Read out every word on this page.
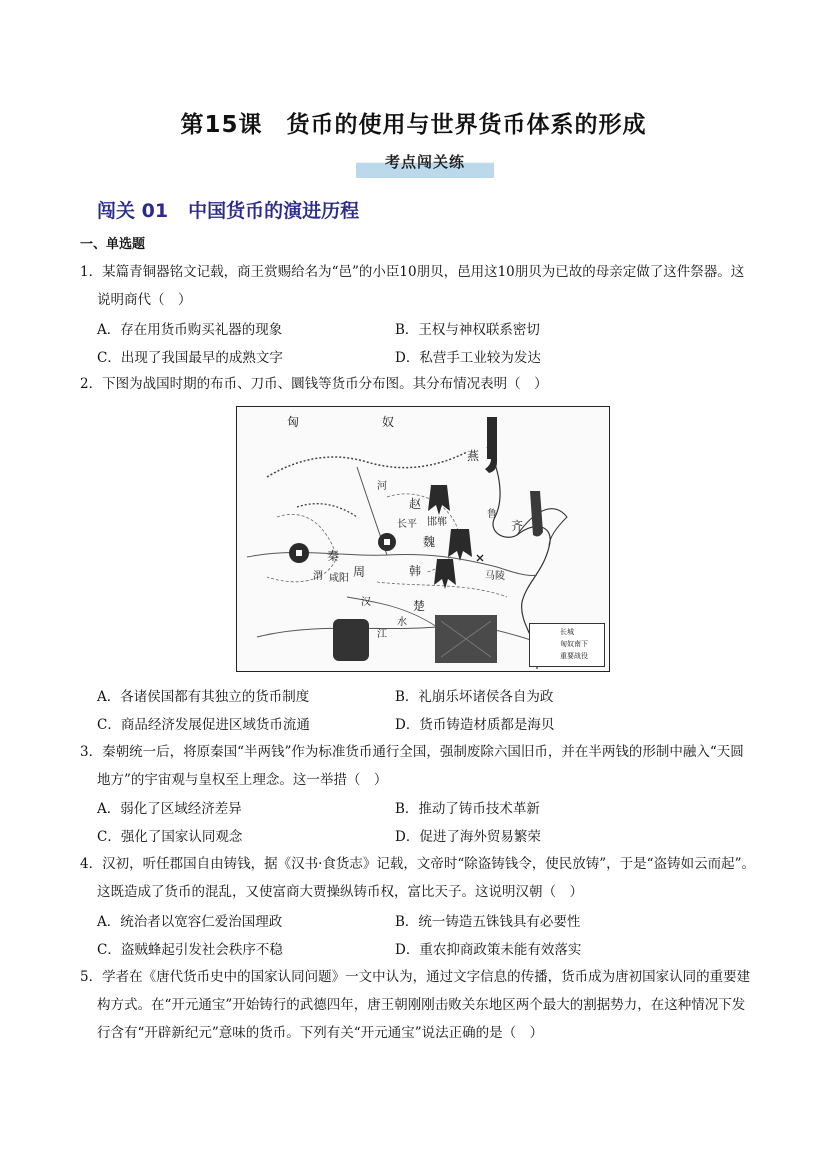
第15课　货币的使用与世界货币体系的形成
考点闯关练
闯关 01 中国货币的演进历程
一、单选题
1．某篇青铜器铭文记载，商王赏赐给名为“邑”的小臣10朋贝，邑用这10朋贝为已故的母亲定做了这件祭器。这说明商代（　）
A．存在用货币购买礼器的现象	B．王权与神权联系密切
C．出现了我国最早的成熟文字	D．私营手工业较为发达
2．下图为战国时期的布币、刀币、圜钱等货币分布图。其分布情况表明（　）
匈	奴
燕
赵
齐
秦
周
魏
韩
楚
鲁
长平
咸阳
邯郸
马陵
河
渭
水
江
汉
长城
匈奴南下
重要战役
A．各诸侯国都有其独立的货币制度	B．礼崩乐坏诸侯各自为政
C．商品经济发展促进区域货币流通	D．货币铸造材质都是海贝
3．秦朝统一后，将原秦国“半两钱”作为标准货币通行全国，强制废除六国旧币，并在半两钱的形制中融入“天圆地方”的宇宙观与皇权至上理念。这一举措（　）
A．弱化了区域经济差异	B．推动了铸币技术革新
C．强化了国家认同观念	D．促进了海外贸易繁荣
4．汉初，听任郡国自由铸钱，据《汉书·食货志》记载，文帝时“除盗铸钱令，使民放铸”，于是“盗铸如云而起”。这既造成了货币的混乱，又使富商大贾操纵铸币权，富比天子。这说明汉朝（　）
A．统治者以宽容仁爱治国理政	B．统一铸造五铢钱具有必要性
C．盗贼蜂起引发社会秩序不稳	D．重农抑商政策未能有效落实
5．学者在《唐代货币史中的国家认同问题》一文中认为，通过文字信息的传播，货币成为唐初国家认同的重要建构方式。在“开元通宝”开始铸行的武德四年，唐王朝刚刚击败关东地区两个最大的割据势力，在这种情况下发行含有“开辟新纪元”意味的货币。下列有关“开元通宝”说法正确的是（　）
